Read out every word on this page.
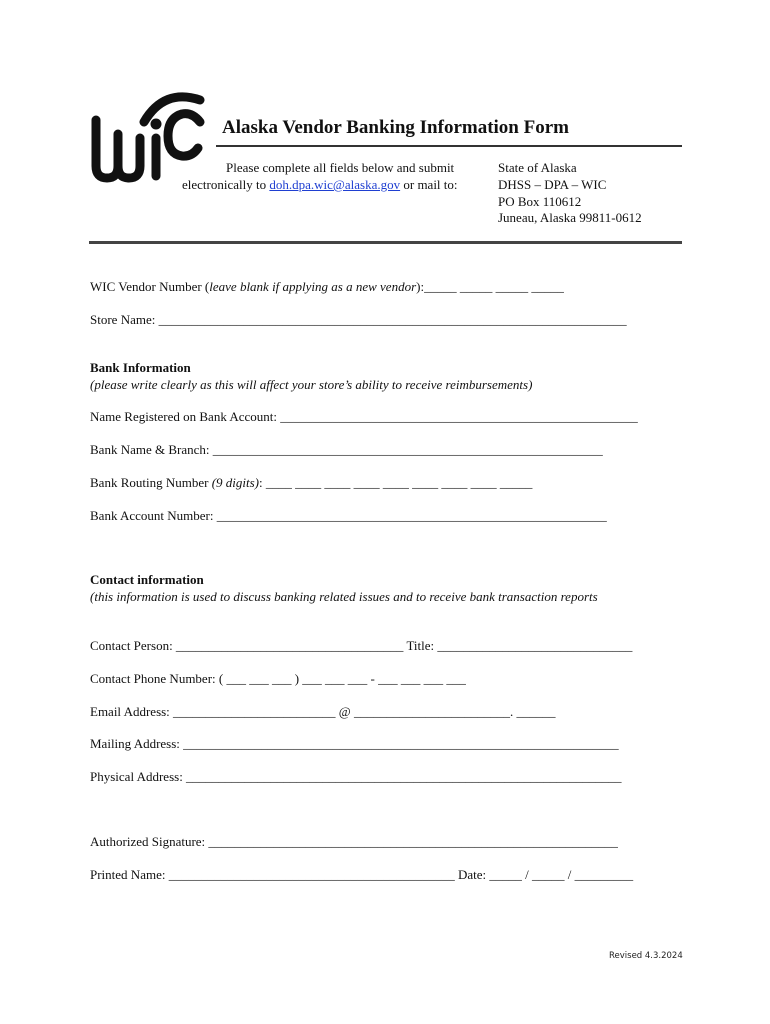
Alaska Vendor Banking Information Form
Please complete all fields below and submit
electronically to doh.dpa.wic@alaska.gov or mail to:
State of Alaska
DHSS – DPA – WIC
PO Box 110612
Juneau, Alaska 99811-0612
WIC Vendor Number (leave blank if applying as a new vendor):_____ _____ _____ _____
Store Name: ________________________________________________________________________
Bank Information
(please write clearly as this will affect your store’s ability to receive reimbursements)
Name Registered on Bank Account: _______________________________________________________
Bank Name & Branch: ____________________________________________________________
Bank Routing Number (9 digits): ____ ____ ____ ____ ____ ____ ____ ____ _____
Bank Account Number: ____________________________________________________________
Contact information
(this information is used to discuss banking related issues and to receive bank transaction reports
Contact Person: ___________________________________ Title: ______________________________
Contact Phone Number: ( ___ ___ ___ ) ___ ___ ___ - ___ ___ ___ ___
Email Address: _________________________ @ ________________________. ______
Mailing Address: ___________________________________________________________________
Physical Address: ___________________________________________________________________
Authorized Signature: _______________________________________________________________
Printed Name: ____________________________________________ Date: _____ / _____ / _________
Revised 4.3.2024
